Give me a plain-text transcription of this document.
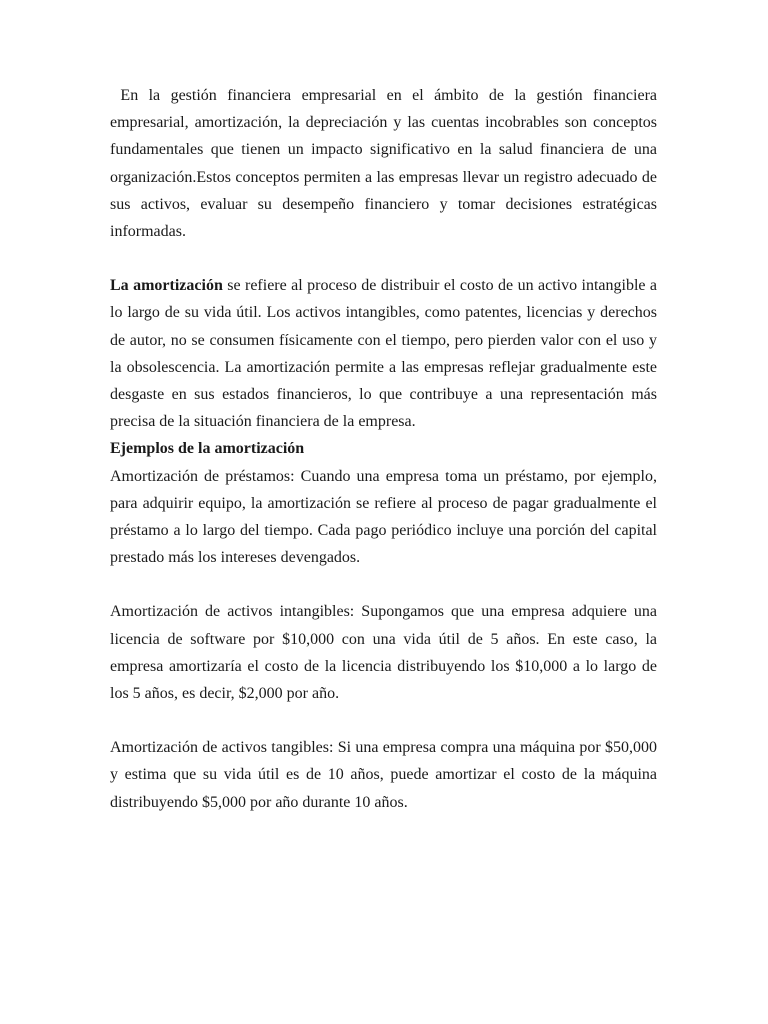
En la gestión financiera empresarial en el ámbito de la gestión financiera empresarial, amortización, la depreciación y las cuentas incobrables son conceptos fundamentales que tienen un impacto significativo en la salud financiera de una organización.Estos conceptos permiten a las empresas llevar un registro adecuado de sus activos, evaluar su desempeño financiero y tomar decisiones estratégicas informadas.

La amortización se refiere al proceso de distribuir el costo de un activo intangible a lo largo de su vida útil. Los activos intangibles, como patentes, licencias y derechos de autor, no se consumen físicamente con el tiempo, pero pierden valor con el uso y la obsolescencia. La amortización permite a las empresas reflejar gradualmente este desgaste en sus estados financieros, lo que contribuye a una representación más precisa de la situación financiera de la empresa.

Ejemplos de la amortización

Amortización de préstamos: Cuando una empresa toma un préstamo, por ejemplo, para adquirir equipo, la amortización se refiere al proceso de pagar gradualmente el préstamo a lo largo del tiempo. Cada pago periódico incluye una porción del capital prestado más los intereses devengados.

Amortización de activos intangibles: Supongamos que una empresa adquiere una licencia de software por $10,000 con una vida útil de 5 años. En este caso, la empresa amortizaría el costo de la licencia distribuyendo los $10,000 a lo largo de los 5 años, es decir, $2,000 por año.

Amortización de activos tangibles: Si una empresa compra una máquina por $50,000 y estima que su vida útil es de 10 años, puede amortizar el costo de la máquina distribuyendo $5,000 por año durante 10 años.
